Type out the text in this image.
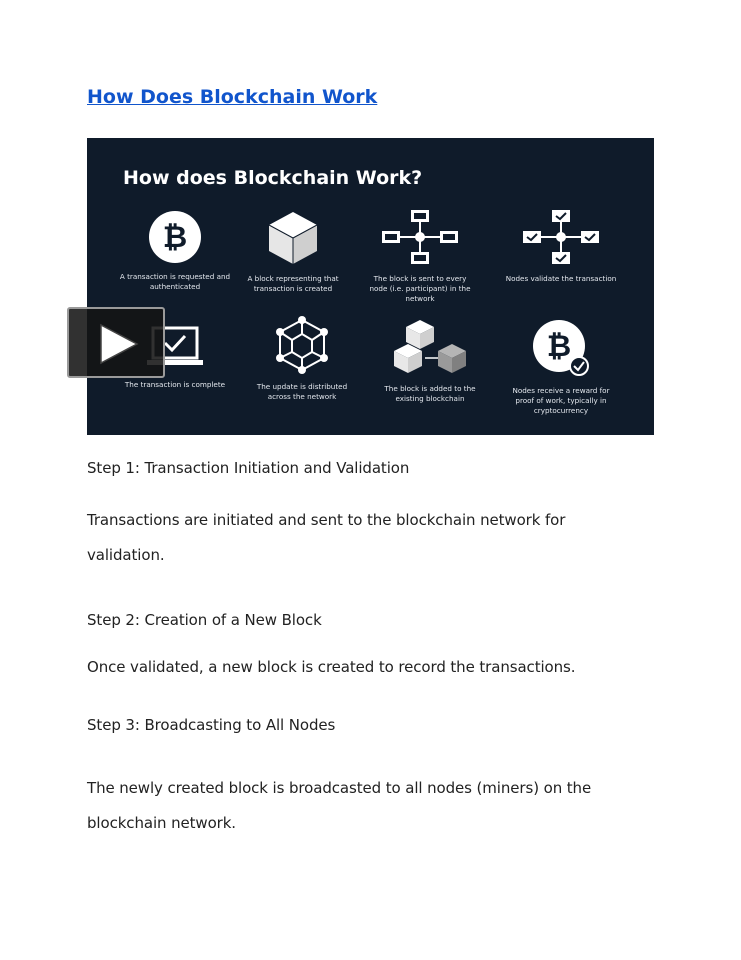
How Does Blockchain Work
How does Blockchain Work?
₿
A transaction is requested and authenticated
A block representing that transaction is created
The block is sent to every node (i.e. participant) in the network
Nodes validate the transaction
The transaction is complete	The update is distributed across the network
The block is added to the existing blockchain
₿
Nodes receive a reward for proof of work, typically in cryptocurrency
Step 1: Transaction Initiation and Validation
Transactions are initiated and sent to the blockchain network for validation.
Step 2: Creation of a New Block
Once validated, a new block is created to record the transactions.
Step 3: Broadcasting to All Nodes
The newly created block is broadcasted to all nodes (miners) on the blockchain network.
